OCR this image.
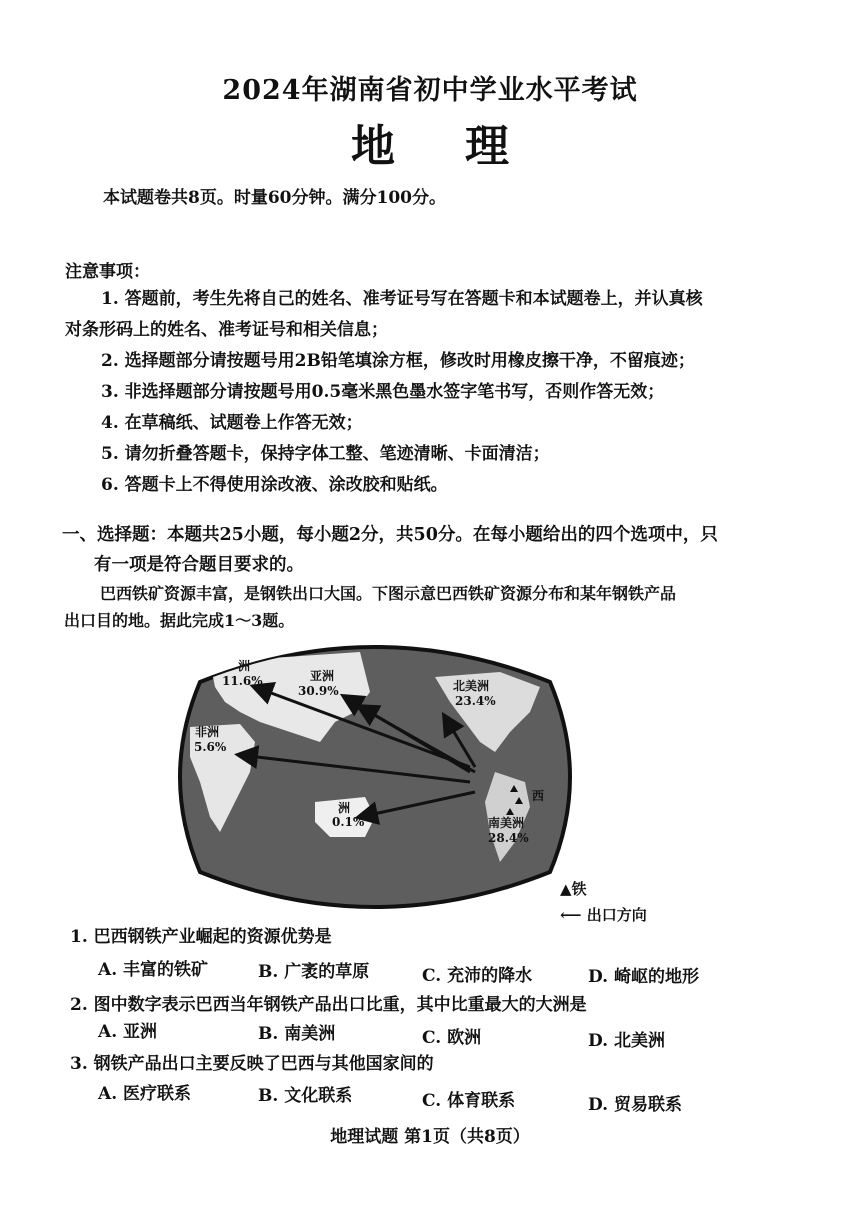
2024年湖南省初中学业水平考试
地理
本试题卷共8页。时量60分钟。满分100分。
注意事项：
1. 答题前，考生先将自己的姓名、准考证号写在答题卡和本试题卷上，并认真核
对条形码上的姓名、准考证号和相关信息；
2. 选择题部分请按题号用2B铅笔填涂方框，修改时用橡皮擦干净，不留痕迹；
3. 非选择题部分请按题号用0.5毫米黑色墨水签字笔书写，否则作答无效；
4. 在草稿纸、试题卷上作答无效；
5. 请勿折叠答题卡，保持字体工整、笔迹清晰、卡面清洁；
6. 答题卡上不得使用涂改液、涂改胶和贴纸。
一、选择题：本题共25小题，每小题2分，共50分。在每小题给出的四个选项中，只
有一项是符合题目要求的。
巴西铁矿资源丰富，是钢铁出口大国。下图示意巴西铁矿资源分布和某年钢铁产品
出口目的地。据此完成1～3题。
洲
11.6%	亚洲
30.9%	北美洲
23.4%
非洲
5.6%
洲
0.1%	南美洲
28.4%
西
▲铁
⟵ 出口方向
1. 巴西钢铁产业崛起的资源优势是
A. 丰富的铁矿	B. 广袤的草原	C. 充沛的降水	D. 崎岖的地形
2. 图中数字表示巴西当年钢铁产品出口比重，其中比重最大的大洲是
A. 亚洲	B. 南美洲	C. 欧洲	D. 北美洲
3. 钢铁产品出口主要反映了巴西与其他国家间的
A. 医疗联系	B. 文化联系	C. 体育联系	D. 贸易联系
地理试题 第1页（共8页）
